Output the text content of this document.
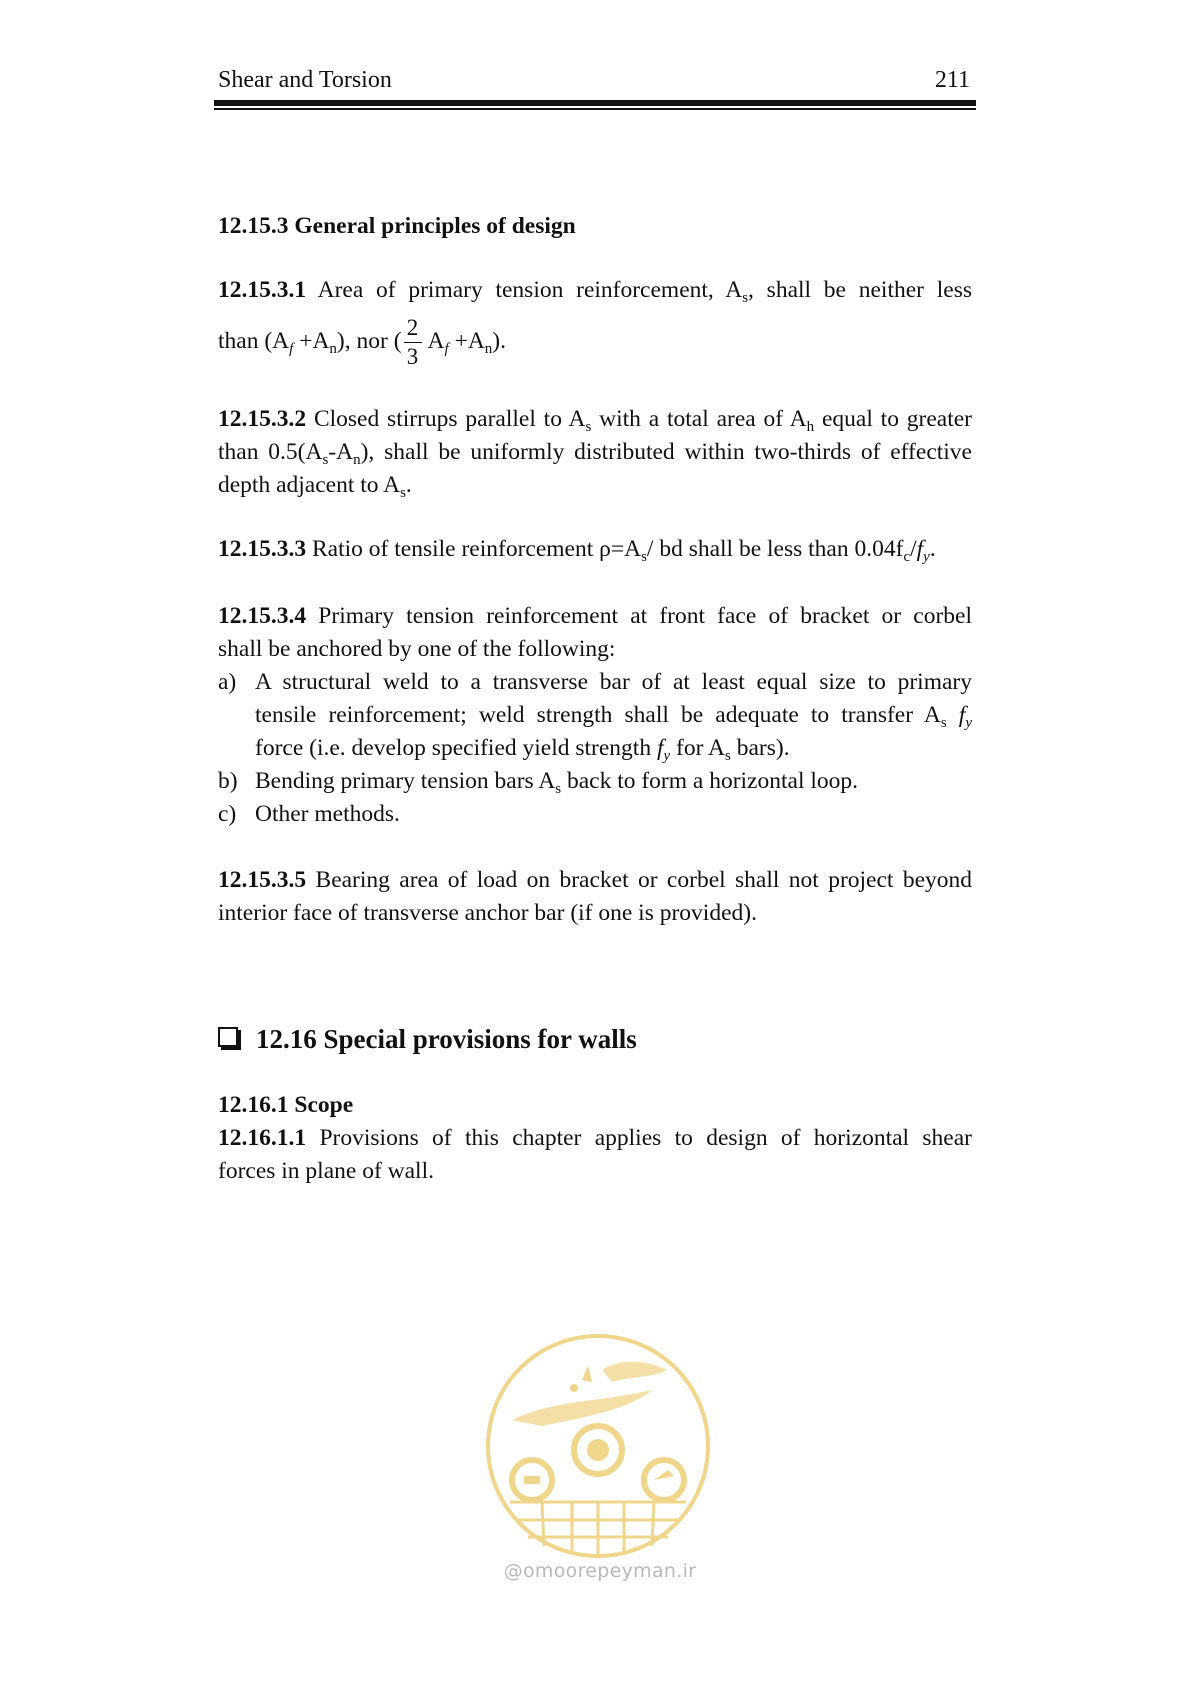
Shear and Torsion	211
12.15.3 General principles of design
12.15.3.1 Area of primary tension reinforcement, $A_s$, shall be neither less
than $(A_f +A_n)$, nor ( $\frac{2}{3} A_f +A_n$).
12.15.3.2 Closed stirrups parallel to $A_s$ with a total area of $A_h$ equal to greater
than $0.5(A_s-A_n)$, shall be uniformly distributed within two-thirds of effective
depth adjacent to $A_s$.
12.15.3.3 Ratio of tensile reinforcement $\rho=A_s/$ bd shall be less than $0.04f_c/f_y$.
12.15.3.4 Primary tension reinforcement at front face of bracket or corbel
shall be anchored by one of the following:
a) A structural weld to a transverse bar of at least equal size to primary
tensile reinforcement; weld strength shall be adequate to transfer $A_s$ $f_y$
force (i.e. develop specified yield strength $f_y$ for $A_s$ bars).
b) Bending primary tension bars $A_s$ back to form a horizontal loop.
c) Other methods.
12.15.3.5 Bearing area of load on bracket or corbel shall not project beyond
interior face of transverse anchor bar (if one is provided).
12.16 Special provisions for walls
12.16.1 Scope
12.16.1.1 Provisions of this chapter applies to design of horizontal shear
forces in plane of wall.
@omoorepeyman.ir
